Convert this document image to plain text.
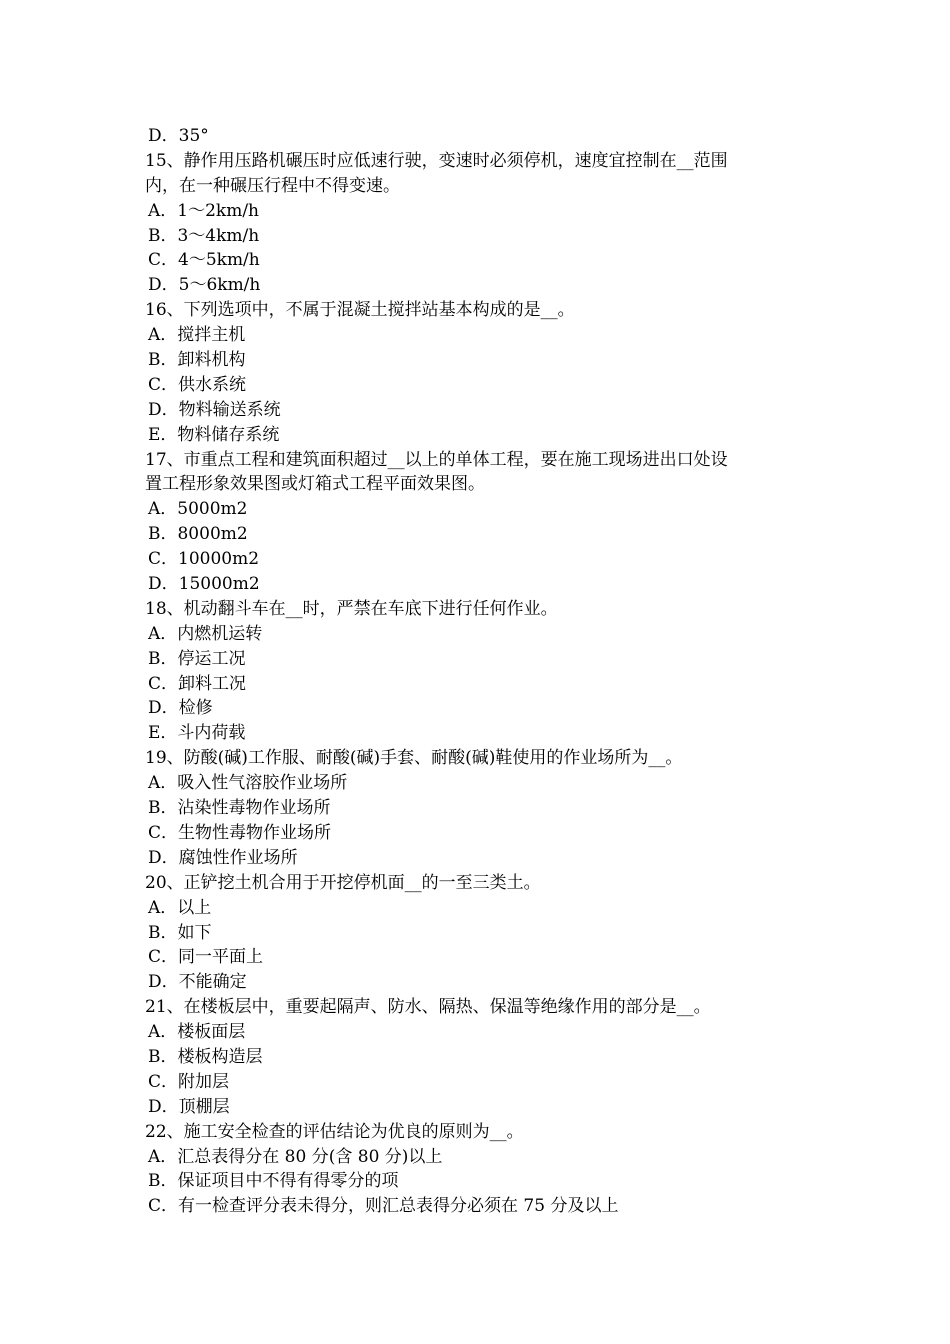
D．35°
15、静作用压路机碾压时应低速行驶，变速时必须停机，速度宜控制在__范围
内，在一种碾压行程中不得变速。
A．1～2km/h
B．3～4km/h
C．4～5km/h
D．5～6km/h
16、下列选项中，不属于混凝土搅拌站基本构成的是__。
A．搅拌主机
B．卸料机构
C．供水系统
D．物料输送系统
E．物料储存系统
17、市重点工程和建筑面积超过__以上的单体工程，要在施工现场进出口处设
置工程形象效果图或灯箱式工程平面效果图。
A．5000m2
B．8000m2
C．10000m2
D．15000m2
18、机动翻斗车在__时，严禁在车底下进行任何作业。
A．内燃机运转
B．停运工况
C．卸料工况
D．检修
E．斗内荷载
19、防酸(碱)工作服、耐酸(碱)手套、耐酸(碱)鞋使用的作业场所为__。
A．吸入性气溶胶作业场所
B．沾染性毒物作业场所
C．生物性毒物作业场所
D．腐蚀性作业场所
20、正铲挖土机合用于开挖停机面__的一至三类土。
A．以上
B．如下
C．同一平面上
D．不能确定
21、在楼板层中，重要起隔声、防水、隔热、保温等绝缘作用的部分是__。
A．楼板面层
B．楼板构造层
C．附加层
D．顶棚层
22、施工安全检查的评估结论为优良的原则为__。
A．汇总表得分在 80 分(含 80 分)以上
B．保证项目中不得有得零分的项
C．有一检查评分表未得分，则汇总表得分必须在 75 分及以上
